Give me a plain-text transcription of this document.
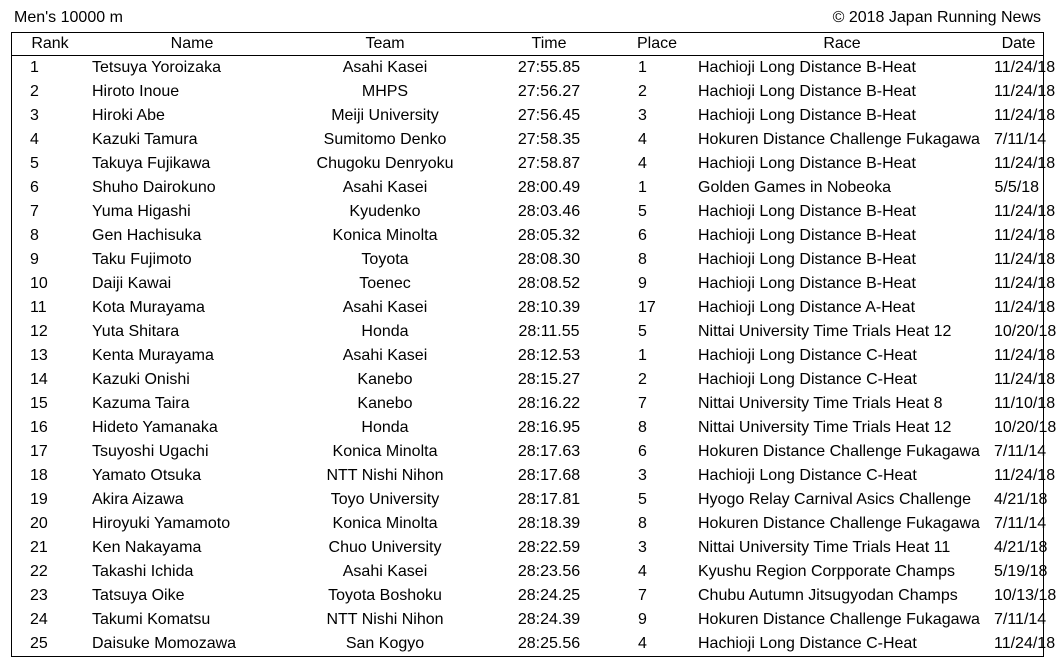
Men's 10000 m	© 2018 Japan Running News
Rank	Name	Team	Time	Place	Race	Date
1	Tetsuya Yoroizaka	Asahi Kasei	27:55.85	1	Hachioji Long Distance B-Heat	11/24/18
2	Hiroto Inoue	MHPS	27:56.27	2	Hachioji Long Distance B-Heat	11/24/18
3	Hiroki Abe	Meiji University	27:56.45	3	Hachioji Long Distance B-Heat	11/24/18
4	Kazuki Tamura	Sumitomo Denko	27:58.35	4	Hokuren Distance Challenge Fukagawa	7/11/14
5	Takuya Fujikawa	Chugoku Denryoku	27:58.87	4	Hachioji Long Distance B-Heat	11/24/18
6	Shuho Dairokuno	Asahi Kasei	28:00.49	1	Golden Games in Nobeoka	5/5/18
7	Yuma Higashi	Kyudenko	28:03.46	5	Hachioji Long Distance B-Heat	11/24/18
8	Gen Hachisuka	Konica Minolta	28:05.32	6	Hachioji Long Distance B-Heat	11/24/18
9	Taku Fujimoto	Toyota	28:08.30	8	Hachioji Long Distance B-Heat	11/24/18
10	Daiji Kawai	Toenec	28:08.52	9	Hachioji Long Distance B-Heat	11/24/18
11	Kota Murayama	Asahi Kasei	28:10.39	17	Hachioji Long Distance A-Heat	11/24/18
12	Yuta Shitara	Honda	28:11.55	5	Nittai University Time Trials Heat 12	10/20/18
13	Kenta Murayama	Asahi Kasei	28:12.53	1	Hachioji Long Distance C-Heat	11/24/18
14	Kazuki Onishi	Kanebo	28:15.27	2	Hachioji Long Distance C-Heat	11/24/18
15	Kazuma Taira	Kanebo	28:16.22	7	Nittai University Time Trials Heat 8	11/10/18
16	Hideto Yamanaka	Honda	28:16.95	8	Nittai University Time Trials Heat 12	10/20/18
17	Tsuyoshi Ugachi	Konica Minolta	28:17.63	6	Hokuren Distance Challenge Fukagawa	7/11/14
18	Yamato Otsuka	NTT Nishi Nihon	28:17.68	3	Hachioji Long Distance C-Heat	11/24/18
19	Akira Aizawa	Toyo University	28:17.81	5	Hyogo Relay Carnival Asics Challenge	4/21/18
20	Hiroyuki Yamamoto	Konica Minolta	28:18.39	8	Hokuren Distance Challenge Fukagawa	7/11/14
21	Ken Nakayama	Chuo University	28:22.59	3	Nittai University Time Trials Heat 11	4/21/18
22	Takashi Ichida	Asahi Kasei	28:23.56	4	Kyushu Region Corpporate Champs	5/19/18
23	Tatsuya Oike	Toyota Boshoku	28:24.25	7	Chubu Autumn Jitsugyodan Champs	10/13/18
24	Takumi Komatsu	NTT Nishi Nihon	28:24.39	9	Hokuren Distance Challenge Fukagawa	7/11/14
25	Daisuke Momozawa	San Kogyo	28:25.56	4	Hachioji Long Distance C-Heat	11/24/18
